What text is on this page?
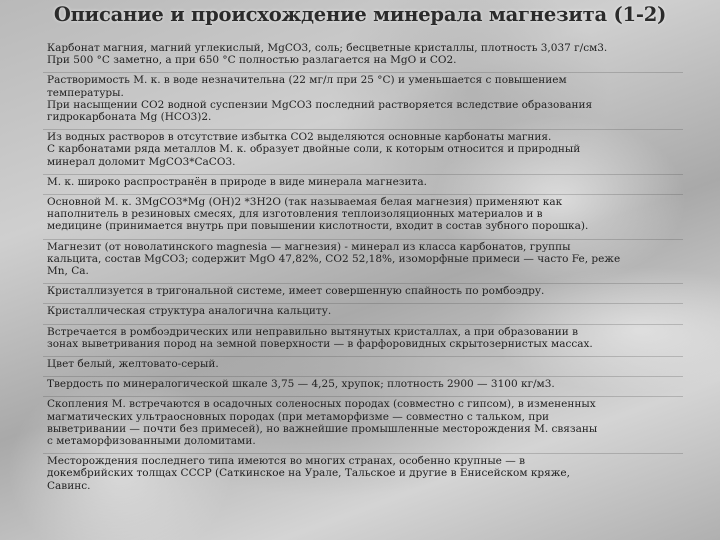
Описание и происхождение минерала магнезита (1-2)
Карбонат магния, магний углекислый, MgCO3, соль; бесцветные кристаллы, плотность 3,037 г/см3.
При 500 °С заметно, а при 650 °С полностью разлагается на MgO и CO2.
Растворимость М. к. в воде незначительна (22 мг/л при 25 °С) и уменьшается с повышением
температуры.
При насыщении CO2 водной суспензии MgCO3 последний растворяется вследствие образования
гидрокарбоната Mg (HCO3)2.
Из водных растворов в отсутствие избытка CO2 выделяются основные карбонаты магния.
С карбонатами ряда металлов М. к. образует двойные соли, к которым относится и природный
минерал доломит MgCO3*CaCO3.
М. к. широко распространён в природе в виде минерала магнезита.
Основной М. к. 3MgCO3*Mg (OH)2 *3H2O (так называемая белая магнезия) применяют как
наполнитель в резиновых смесях, для изготовления теплоизоляционных материалов и в
медицине (принимается внутрь при повышении кислотности, входит в состав зубного порошка).
Магнезит (от новолатинского magnesia — магнезия) - минерал из класса карбонатов, группы
кальцита, состав MgCO3; содержит MgO 47,82%, CO2 52,18%, изоморфные примеси — часто Fe, реже
Mn, Ca.
Кристаллизуется в тригональной системе, имеет совершенную спайность по ромбоэдру.
Кристаллическая структура аналогична кальциту.
Встречается в ромбоэдрических или неправильно вытянутых кристаллах, а при образовании в
зонах выветривания пород на земной поверхности — в фарфоровидных скрытозернистых массах.
Цвет белый, желтовато-серый.
Твердость по минералогической шкале 3,75 — 4,25, хрупок; плотность 2900 — 3100 кг/м3.
Скопления М. встречаются в осадочных соленосных породах (совместно с гипсом), в измененных
магматических ультраосновных породах (при метаморфизме — совместно с тальком, при
выветривании — почти без примесей), но важнейшие промышленные месторождения М. связаны
с метаморфизованными доломитами.
Месторождения последнего типа имеются во многих странах, особенно крупные — в
докембрийских толщах СССР (Саткинское на Урале, Тальское и другие в Енисейском кряже,
Савинс.
